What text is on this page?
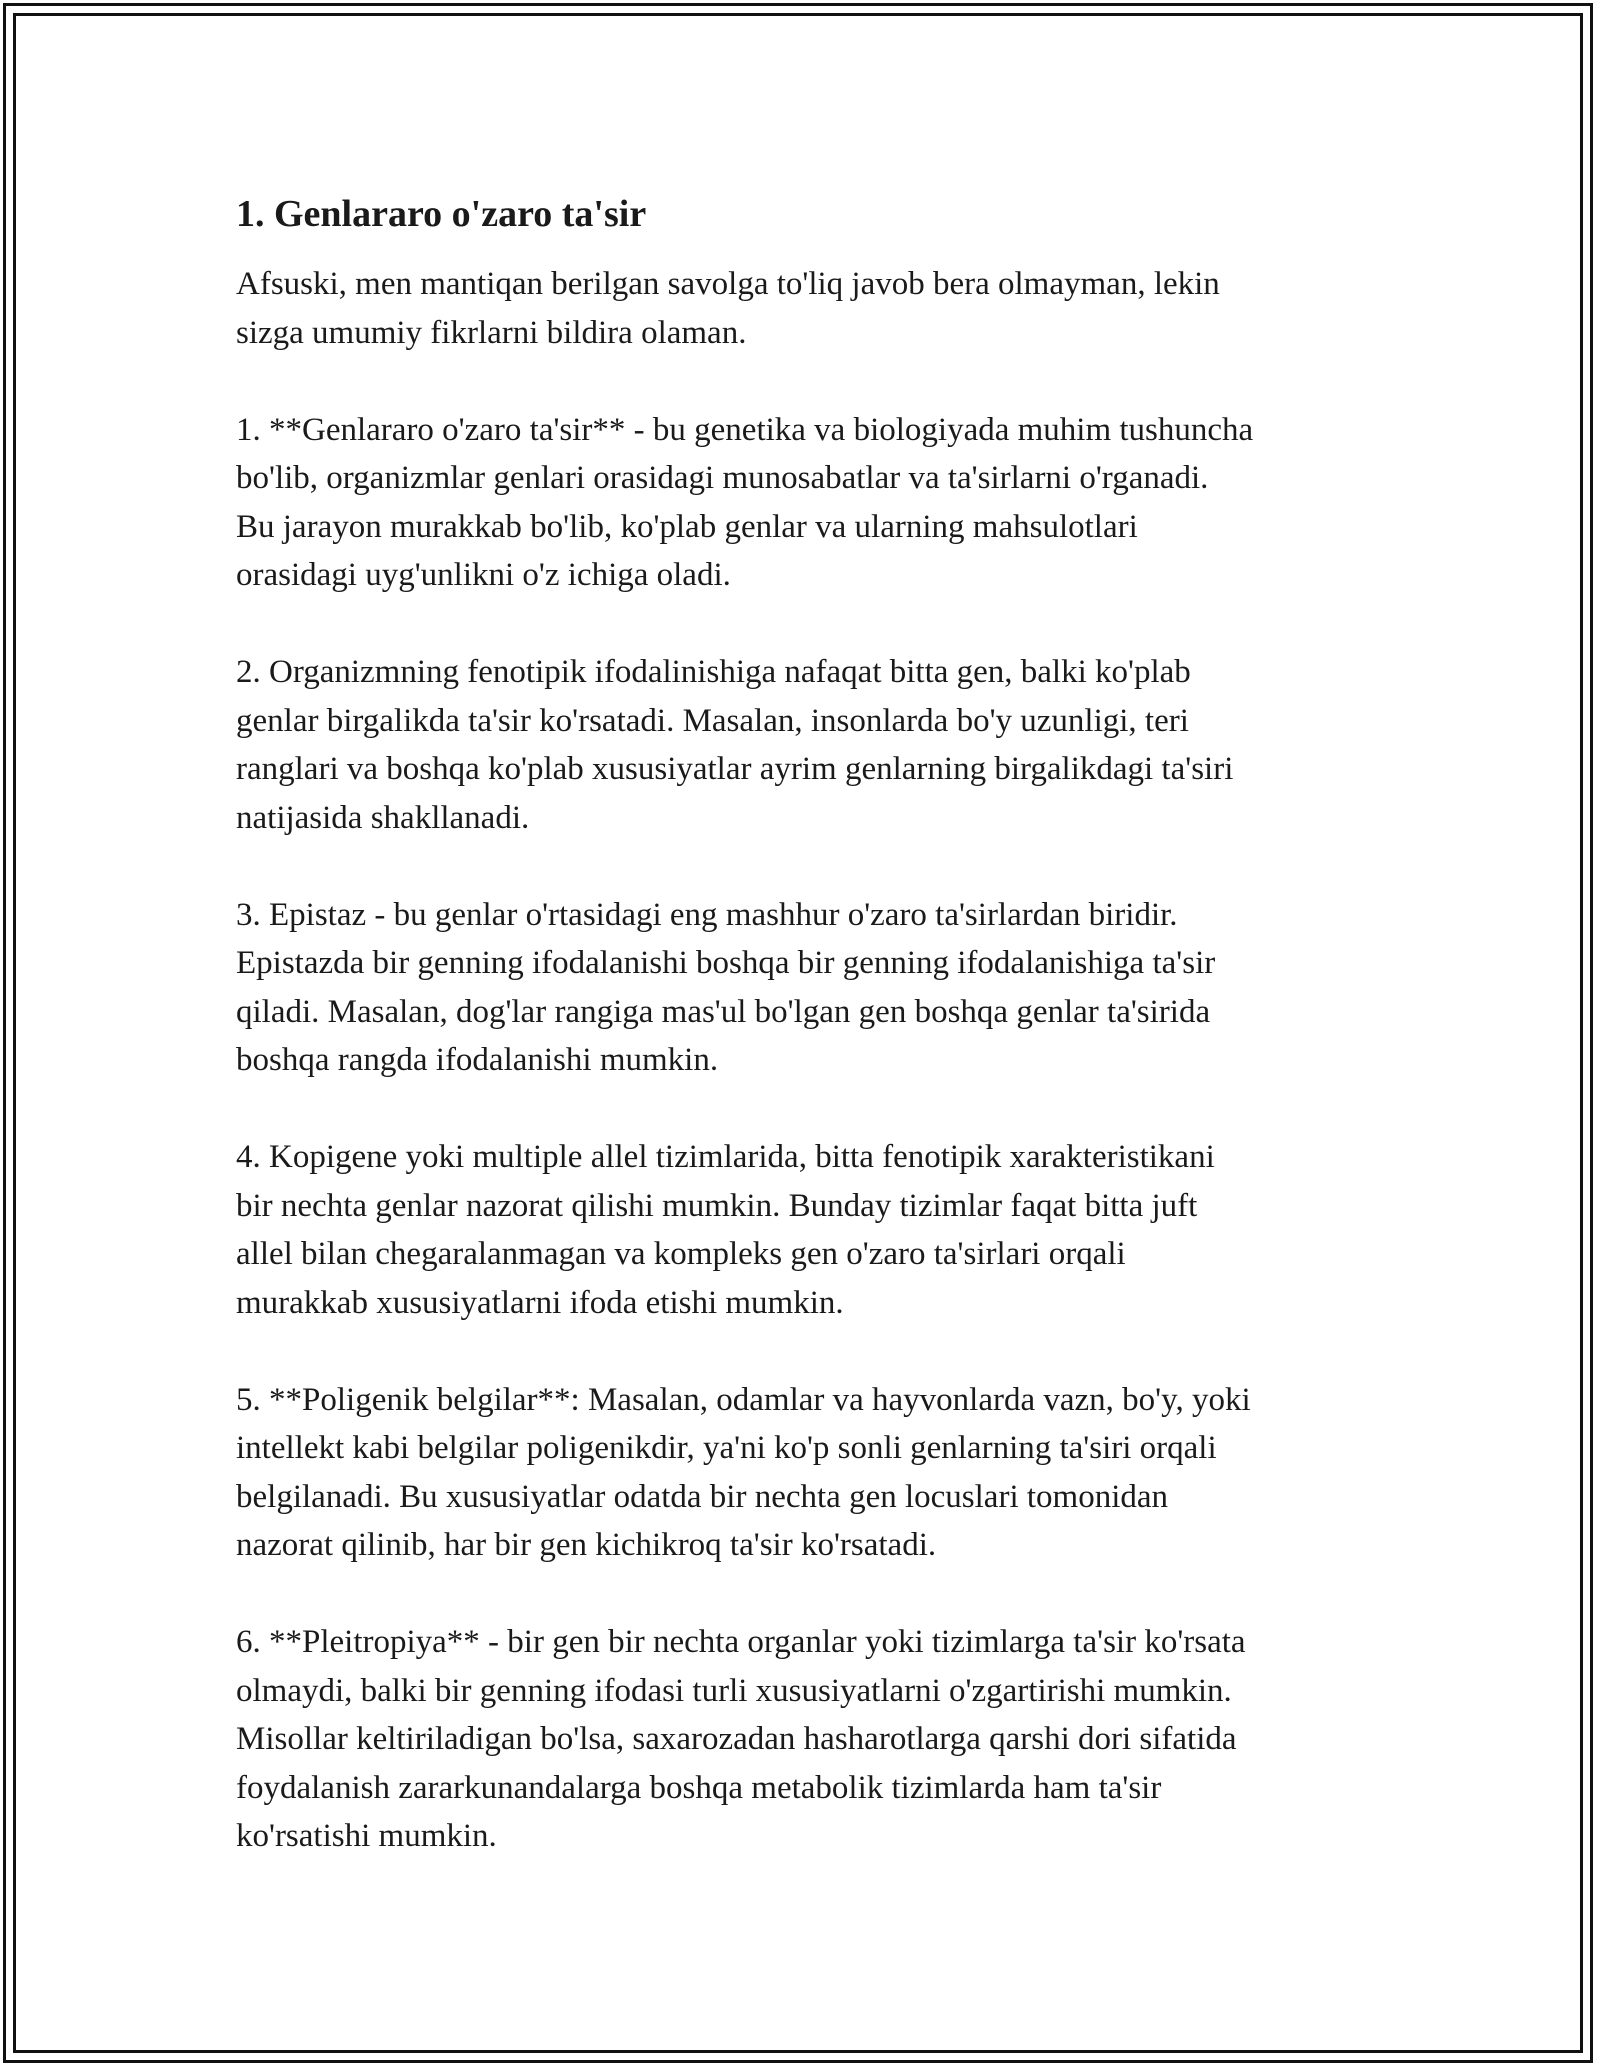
1. Genlararo o'zaro ta'sir

Afsuski, men mantiqan berilgan savolga to'liq javob bera olmayman, lekin
sizga umumiy fikrlarni bildira olaman.

1. **Genlararo o'zaro ta'sir** - bu genetika va biologiyada muhim tushuncha
bo'lib, organizmlar genlari orasidagi munosabatlar va ta'sirlarni o'rganadi.
Bu jarayon murakkab bo'lib, ko'plab genlar va ularning mahsulotlari
orasidagi uyg'unlikni o'z ichiga oladi.

2. Organizmning fenotipik ifodalinishiga nafaqat bitta gen, balki ko'plab
genlar birgalikda ta'sir ko'rsatadi. Masalan, insonlarda bo'y uzunligi, teri
ranglari va boshqa ko'plab xususiyatlar ayrim genlarning birgalikdagi ta'siri
natijasida shakllanadi.

3. Epistaz - bu genlar o'rtasidagi eng mashhur o'zaro ta'sirlardan biridir.
Epistazda bir genning ifodalanishi boshqa bir genning ifodalanishiga ta'sir
qiladi. Masalan, dog'lar rangiga mas'ul bo'lgan gen boshqa genlar ta'sirida
boshqa rangda ifodalanishi mumkin.

4. Kopigene yoki multiple allel tizimlarida, bitta fenotipik xarakteristikani
bir nechta genlar nazorat qilishi mumkin. Bunday tizimlar faqat bitta juft
allel bilan chegaralanmagan va kompleks gen o'zaro ta'sirlari orqali
murakkab xususiyatlarni ifoda etishi mumkin.

5. **Poligenik belgilar**: Masalan, odamlar va hayvonlarda vazn, bo'y, yoki
intellekt kabi belgilar poligenikdir, ya'ni ko'p sonli genlarning ta'siri orqali
belgilanadi. Bu xususiyatlar odatda bir nechta gen locuslari tomonidan
nazorat qilinib, har bir gen kichikroq ta'sir ko'rsatadi.

6. **Pleitropiya** - bir gen bir nechta organlar yoki tizimlarga ta'sir ko'rsata
olmaydi, balki bir genning ifodasi turli xususiyatlarni o'zgartirishi mumkin.
Misollar keltiriladigan bo'lsa, saxarozadan hasharotlarga qarshi dori sifatida
foydalanish zararkunandalarga boshqa metabolik tizimlarda ham ta'sir
ko'rsatishi mumkin.
